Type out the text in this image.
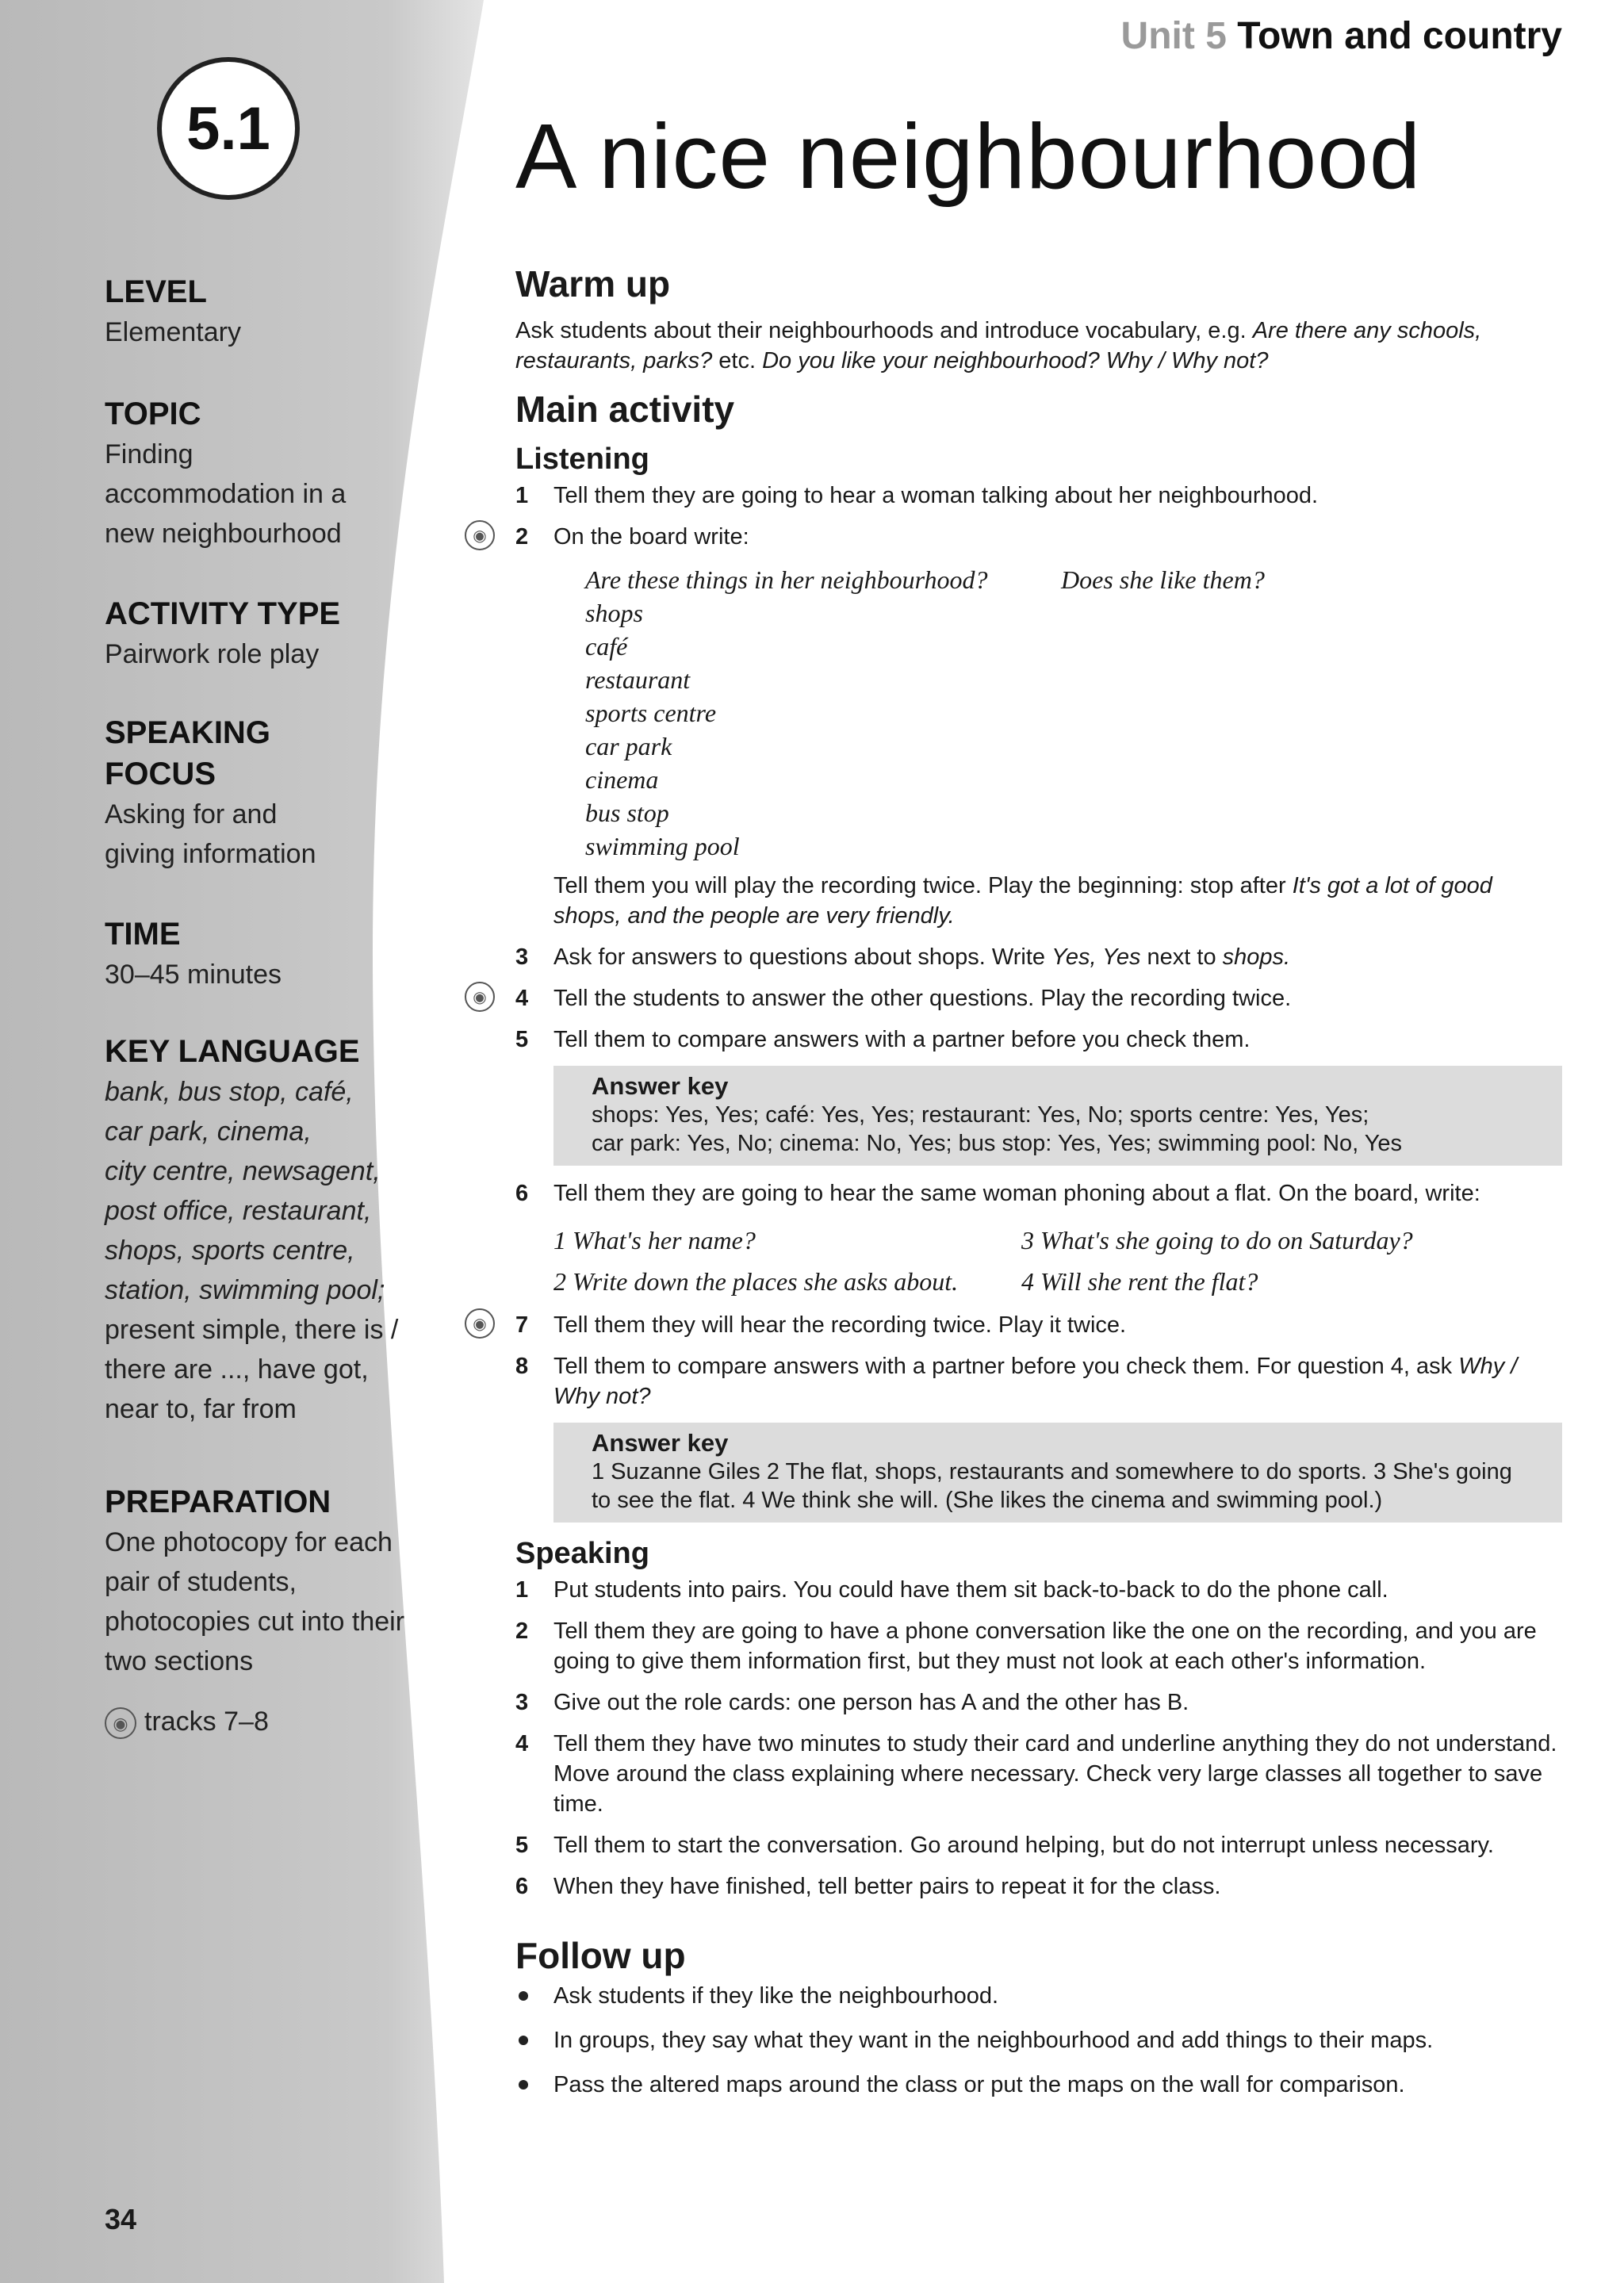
5.1

LEVEL

Elementary

TOPIC

Finding

accommodation in a

new neighbourhood

ACTIVITY TYPE

Pairwork role play

SPEAKING

FOCUS

Asking for and

giving information

TIME

30–45 minutes

KEY LANGUAGE

bank, bus stop, café,

car park, cinema,

city centre, newsagent,

post office, restaurant,

shops, sports centre,

station, swimming pool;

present simple, there is /

there are ..., have got,

near to, far from

PREPARATION

One photocopy for each

pair of students,

photocopies cut into their

two sections

◉ tracks 7–8

34
Unit 5 Town and country
A nice neighbourhood
Warm up

Ask students about their neighbourhoods and introduce vocabulary, e.g. Are there any schools, restaurants, parks? etc. Do you like your neighbourhood? Why / Why not?

Main activity
Listening
1 Tell them they are going to hear a woman talking about her neighbourhood.
◉	2 On the board write:
Are these things in her neighbourhood?
shops
café
restaurant
sports centre
car park
cinema
bus stop
swimming pool
Does she like them?
Tell them you will play the recording twice. Play the beginning: stop after It's got a lot of good shops, and the people are very friendly.
3 Ask for answers to questions about shops. Write Yes, Yes next to shops.
◉	4 Tell the students to answer the other questions. Play the recording twice.
5 Tell them to compare answers with a partner before you check them.
Answer key
shops: Yes, Yes; café: Yes, Yes; restaurant: Yes, No; sports centre: Yes, Yes;
car park: Yes, No; cinema: No, Yes; bus stop: Yes, Yes; swimming pool: No, Yes
6 Tell them they are going to hear the same woman phoning about a flat. On the board, write:
1 What's her name?	3 What's she going to do on Saturday?
2 Write down the places she asks about.	4 Will she rent the flat?
◉	7 Tell them they will hear the recording twice. Play it twice.
8 Tell them to compare answers with a partner before you check them. For question 4, ask Why / Why not?
Answer key
1 Suzanne Giles 2 The flat, shops, restaurants and somewhere to do sports. 3 She's going to see the flat. 4 We think she will. (She likes the cinema and swimming pool.)
Speaking
1 Put students into pairs. You could have them sit back-to-back to do the phone call.
2 Tell them they are going to have a phone conversation like the one on the recording, and you are going to give them information first, but they must not look at each other's information.
3 Give out the role cards: one person has A and the other has B.
4 Tell them they have two minutes to study their card and underline anything they do not understand. Move around the class explaining where necessary. Check very large classes all together to save time.
5 Tell them to start the conversation. Go around helping, but do not interrupt unless necessary.
6 When they have finished, tell better pairs to repeat it for the class.
Follow up
Ask students if they like the neighbourhood.
In groups, they say what they want in the neighbourhood and add things to their maps.
Pass the altered maps around the class or put the maps on the wall for comparison.
